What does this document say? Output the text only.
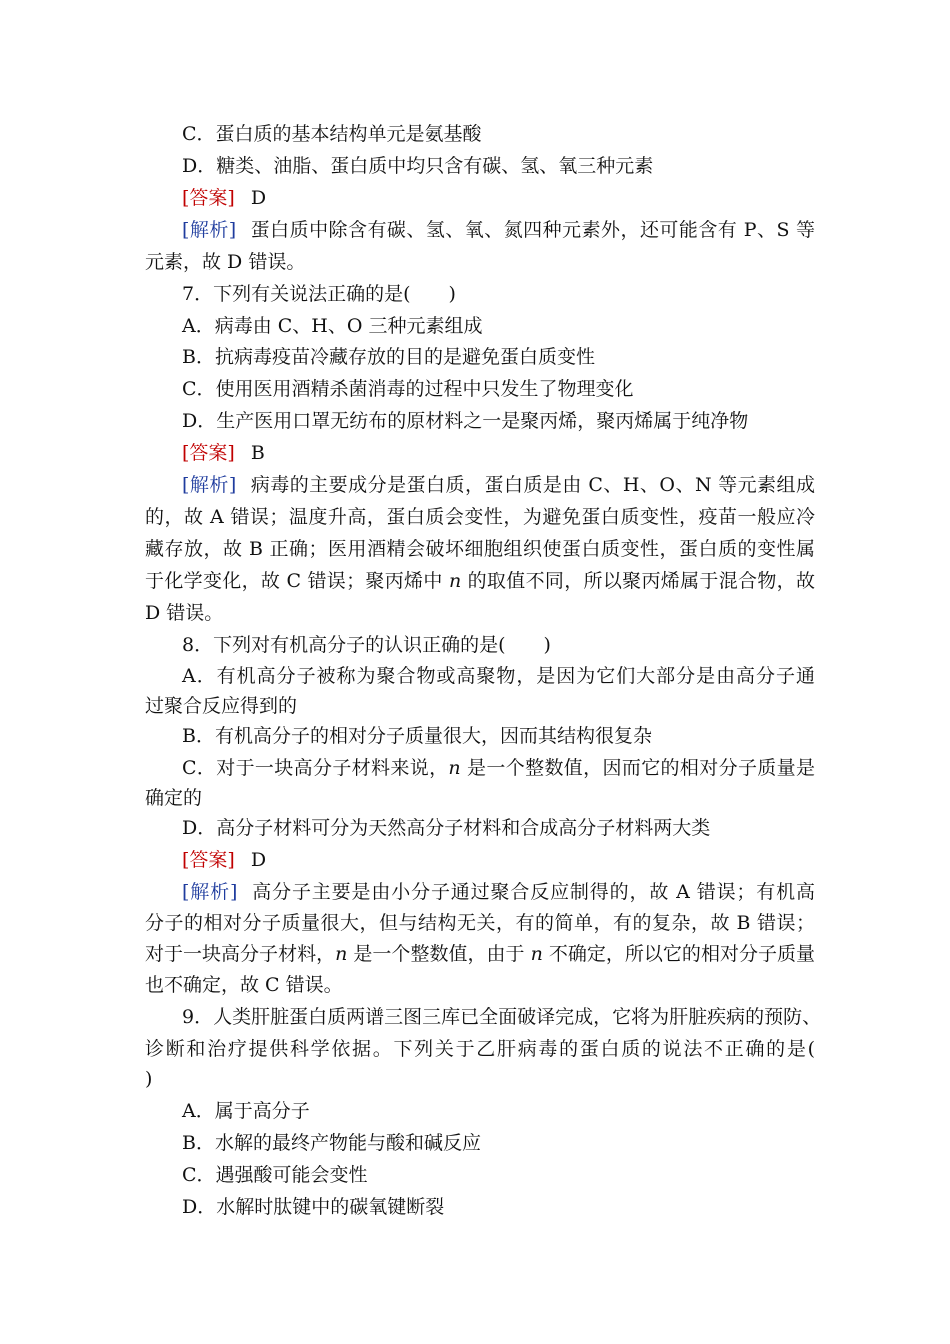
C．蛋白质的基本结构单元是氨基酸
D．糖类、油脂、蛋白质中均只含有碳、氢、氧三种元素
[答案] D
[解析] 蛋白质中除含有碳、氢、氧、氮四种元素外，还可能含有 P、S 等
元素，故 D 错误。
7．下列有关说法正确的是(　　)
A．病毒由 C、H、O 三种元素组成
B．抗病毒疫苗冷藏存放的目的是避免蛋白质变性
C．使用医用酒精杀菌消毒的过程中只发生了物理变化
D．生产医用口罩无纺布的原材料之一是聚丙烯，聚丙烯属于纯净物
[答案] B
[解析] 病毒的主要成分是蛋白质，蛋白质是由 C、H、O、N 等元素组成
的，故 A 错误；温度升高，蛋白质会变性，为避免蛋白质变性，疫苗一般应冷
藏存放，故 B 正确；医用酒精会破坏细胞组织使蛋白质变性，蛋白质的变性属
于化学变化，故 C 错误；聚丙烯中 n 的取值不同，所以聚丙烯属于混合物，故
D 错误。
8．下列对有机高分子的认识正确的是(　　)
A．有机高分子被称为聚合物或高聚物，是因为它们大部分是由高分子通
过聚合反应得到的
B．有机高分子的相对分子质量很大，因而其结构很复杂
C．对于一块高分子材料来说，n 是一个整数值，因而它的相对分子质量是
确定的
D．高分子材料可分为天然高分子材料和合成高分子材料两大类
[答案] D
[解析] 高分子主要是由小分子通过聚合反应制得的，故 A 错误；有机高
分子的相对分子质量很大，但与结构无关，有的简单，有的复杂，故 B 错误；
对于一块高分子材料，n 是一个整数值，由于 n 不确定，所以它的相对分子质量
也不确定，故 C 错误。
9．人类肝脏蛋白质两谱三图三库已全面破译完成，它将为肝脏疾病的预防、
诊断和治疗提供科学依据。下列关于乙肝病毒的蛋白质的说法不正确的是(
)
A．属于高分子
B．水解的最终产物能与酸和碱反应
C．遇强酸可能会变性
D．水解时肽键中的碳氧键断裂
